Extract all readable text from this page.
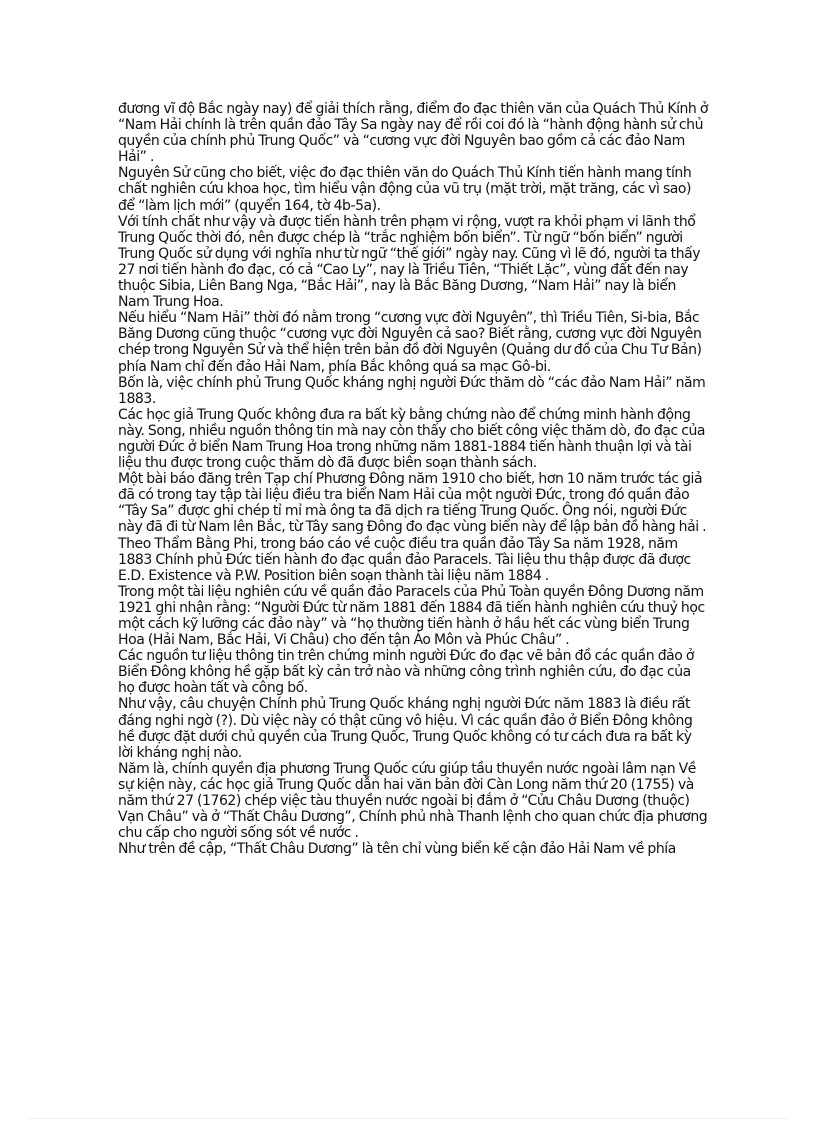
đương vĩ độ Bắc ngày nay) để giải thích rằng, điểm đo đạc thiên văn của Quách Thủ Kính ở “Nam Hải chính là trên quần đảo Tây Sa ngày nay để rồi coi đó là “hành động hành sử chủ quyền của chính phủ Trung Quốc” và “cương vực đời Nguyên bao gồm cả các đảo Nam Hải” .

Nguyên Sử cũng cho biết, việc đo đạc thiên văn do Quách Thủ Kính tiến hành mang tính chất nghiên cứu khoa học, tìm hiểu vận động của vũ trụ (mặt trời, mặt trăng, các vì sao) để “làm lịch mới” (quyển 164, tờ 4b-5a).

Với tính chất như vậy và được tiến hành trên phạm vi rộng, vượt ra khỏi phạm vi lãnh thổ Trung Quốc thời đó, nên được chép là “trắc nghiệm bốn biển”. Từ ngữ “bốn biển” người Trung Quốc sử dụng với nghĩa như từ ngữ “thế giới” ngày nay. Cũng vì lẽ đó, người ta thấy 27 nơi tiến hành đo đạc, có cả “Cao Ly”, nay là Triều Tiên, “Thiết Lặc”, vùng đất đến nay thuộc Sibia, Liên Bang Nga, “Bắc Hải”, nay là Bắc Băng Dương, “Nam Hải” nay là biển Nam Trung Hoa.

Nếu hiểu “Nam Hải” thời đó nằm trong “cương vực đời Nguyên”, thì Triều Tiên, Si-bia, Bắc Băng Dương cũng thuộc “cương vực đời Nguyên cả sao? Biết rằng, cương vực đời Nguyên chép trong Nguyên Sử và thể hiện trên bản đồ đời Nguyên (Quảng dư đồ của Chu Tư Bản) phía Nam chỉ đến đảo Hải Nam, phía Bắc không quá sa mạc Gô-bi.

Bốn là, việc chính phủ Trung Quốc kháng nghị người Đức thăm dò “các đảo Nam Hải” năm 1883.

Các học giả Trung Quốc không đưa ra bất kỳ bằng chứng nào để chứng minh hành động này. Song, nhiều nguồn thông tin mà nay còn thấy cho biết công việc thăm dò, đo đạc của người Đức ở biển Nam Trung Hoa trong những năm 1881-1884 tiến hành thuận lợi và tài liệu thu được trong cuộc thăm dò đã được biên soạn thành sách.

Một bài báo đăng trên Tạp chí Phương Đông năm 1910 cho biết, hơn 10 năm trước tác giả đã có trong tay tập tài liệu điều tra biển Nam Hải của một người Đức, trong đó quần đảo “Tây Sa” được ghi chép tỉ mỉ mà ông ta đã dịch ra tiếng Trung Quốc. Ông nói, người Đức này đã đi từ Nam lên Bắc, từ Tây sang Đông đo đạc vùng biển này để lập bản đồ hàng hải .

Theo Thẩm Bằng Phi, trong báo cáo về cuộc điều tra quần đảo Tây Sa năm 1928, năm 1883 Chính phủ Đức tiến hành đo đạc quần đảo Paracels. Tài liệu thu thập được đã được E.D. Existence và P.W. Position biên soạn thành tài liệu năm 1884 .

Trong một tài liệu nghiên cứu về quần đảo Paracels của Phủ Toàn quyền Đông Dương năm 1921 ghi nhận rằng: “Người Đức từ năm 1881 đến 1884 đã tiến hành nghiên cứu thuỷ học một cách kỹ lưỡng các đảo này” và “họ thường tiến hành ở hầu hết các vùng biển Trung Hoa (Hải Nam, Bắc Hải, Vi Châu) cho đến tận Áo Môn và Phúc Châu” .

Các nguồn tư liệu thông tin trên chứng minh người Đức đo đạc vẽ bản đồ các quần đảo ở Biển Đông không hề gặp bất kỳ cản trở nào và những công trình nghiên cứu, đo đạc của họ được hoàn tất và công bố.

Như vậy, câu chuyện Chính phủ Trung Quốc kháng nghị người Đức năm 1883 là điều rất đáng nghi ngờ (?). Dù việc này có thật cũng vô hiệu. Vì các quần đảo ở Biển Đông không hề được đặt dưới chủ quyền của Trung Quốc, Trung Quốc không có tư cách đưa ra bất kỳ lời kháng nghị nào.

Năm là, chính quyền địa phương Trung Quốc cứu giúp tầu thuyền nước ngoài lâm nạn Về sự kiện này, các học giả Trung Quốc dẫn hai văn bản đời Càn Long năm thứ 20 (1755) và năm thứ 27 (1762) chép việc tàu thuyền nước ngoài bị đắm ở “Cửu Châu Dương (thuộc) Vạn Châu” và ở “Thất Châu Dương”, Chính phủ nhà Thanh lệnh cho quan chức địa phương chu cấp cho người sống sót về nước .

Như trên đề cập, “Thất Châu Dương” là tên chỉ vùng biển kế cận đảo Hải Nam về phía
